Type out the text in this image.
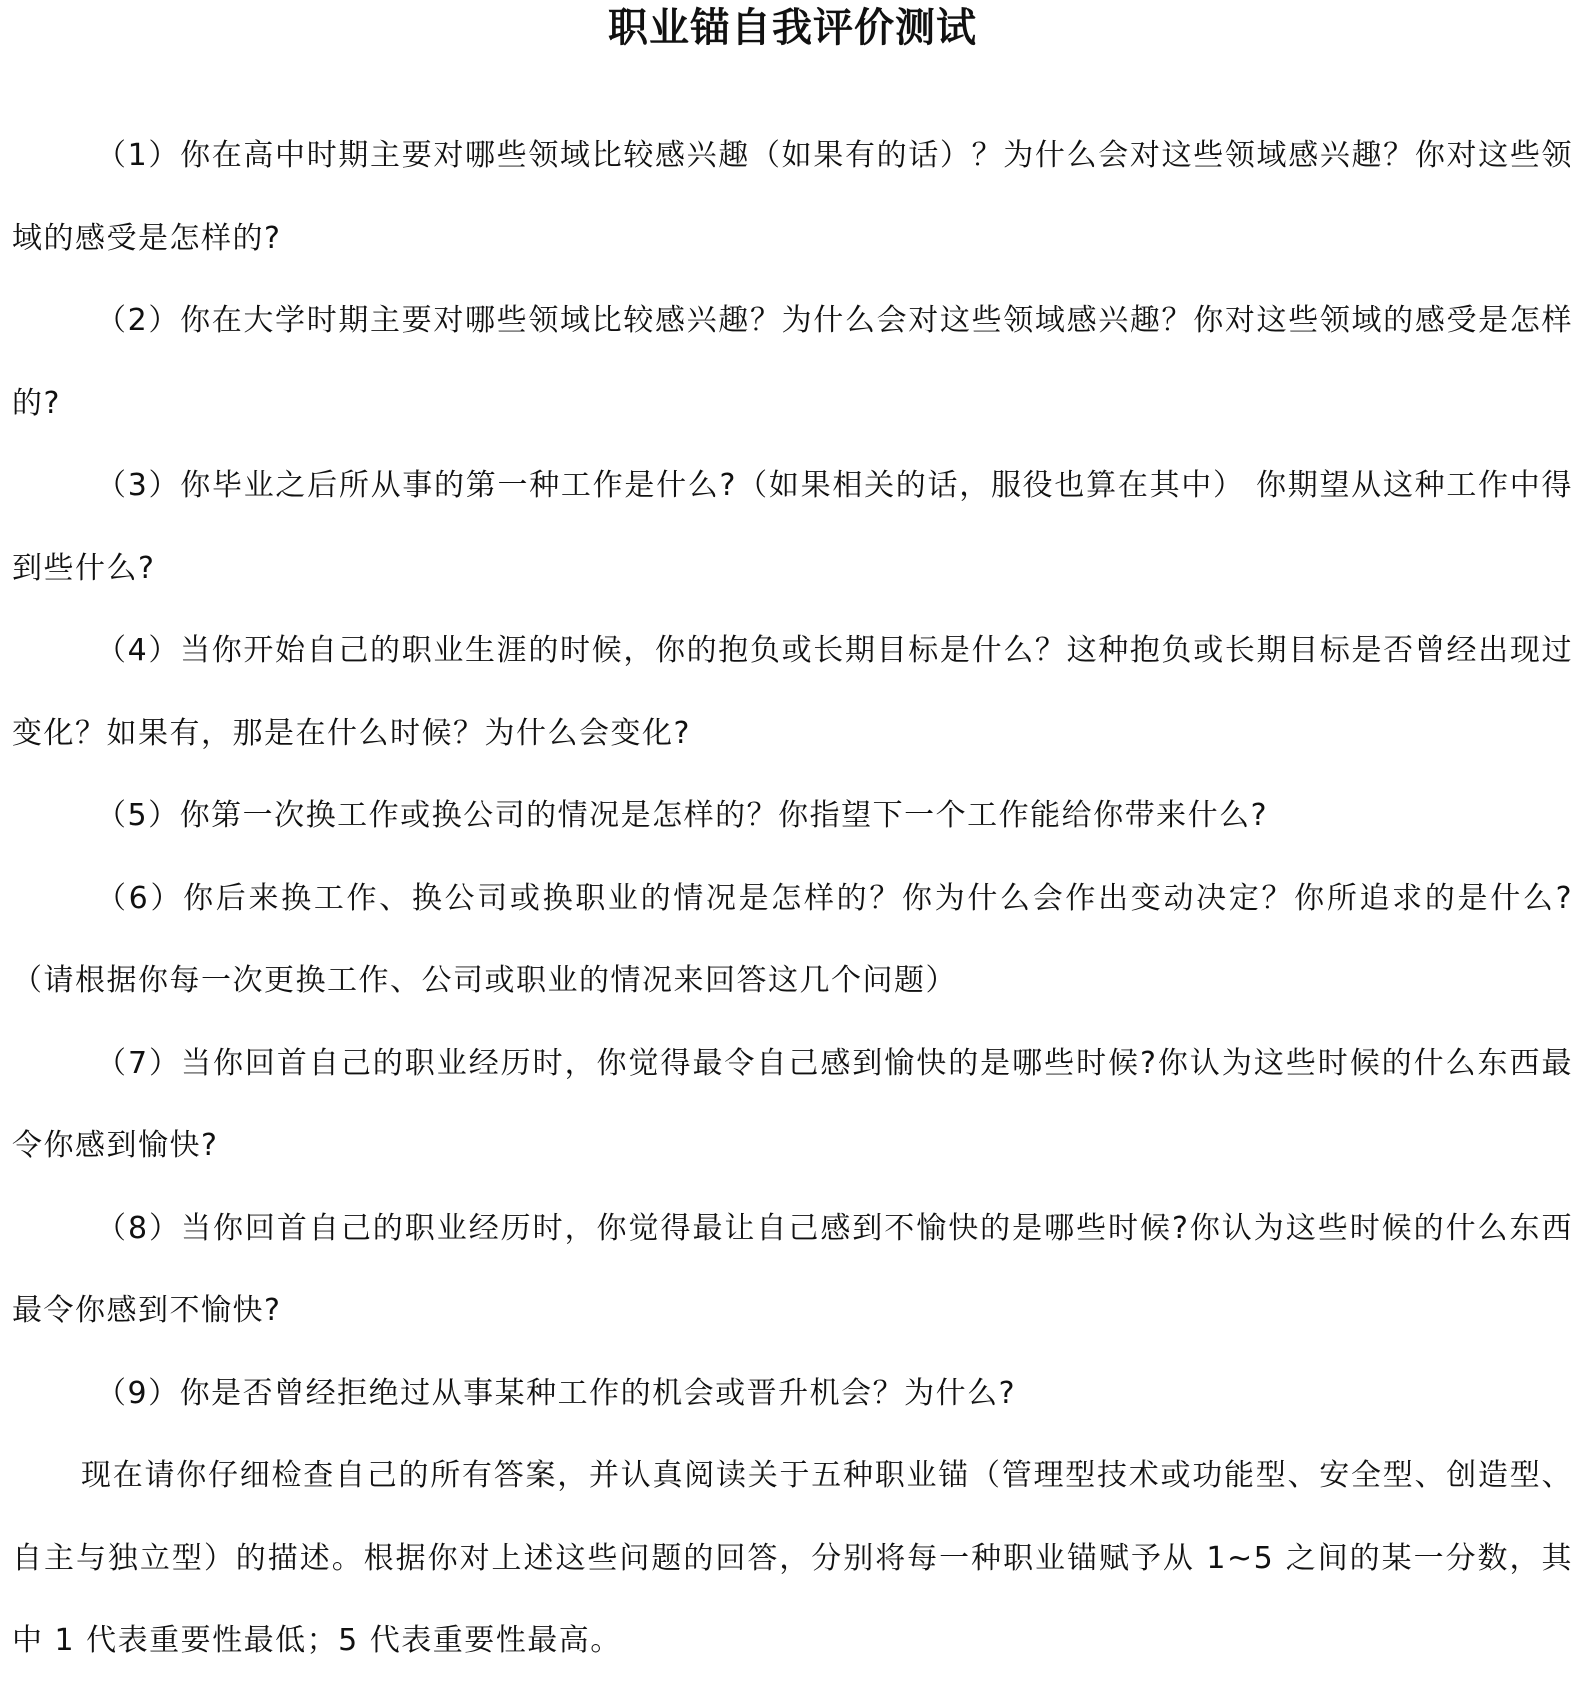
职业锚自我评价测试

（1）你在高中时期主要对哪些领域比较感兴趣（如果有的话）？为什么会对这些领域感兴趣？你对这些领域的感受是怎样的?

（2）你在大学时期主要对哪些领域比较感兴趣？为什么会对这些领域感兴趣？你对这些领域的感受是怎样的?

（3）你毕业之后所从事的第一种工作是什么?（如果相关的话，服役也算在其中） 你期望从这种工作中得到些什么?

（4）当你开始自己的职业生涯的时候，你的抱负或长期目标是什么？这种抱负或长期目标是否曾经出现过变化？如果有，那是在什么时候？为什么会变化?

（5）你第一次换工作或换公司的情况是怎样的？你指望下一个工作能给你带来什么?

（6）你后来换工作、换公司或换职业的情况是怎样的？你为什么会作出变动决定？你所追求的是什么?（请根据你每一次更换工作、公司或职业的情况来回答这几个问题）

（7）当你回首自己的职业经历时，你觉得最令自己感到愉快的是哪些时候?你认为这些时候的什么东西最令你感到愉快?

（8）当你回首自己的职业经历时，你觉得最让自己感到不愉快的是哪些时候?你认为这些时候的什么东西最令你感到不愉快?

（9）你是否曾经拒绝过从事某种工作的机会或晋升机会？为什么?

现在请你仔细检查自己的所有答案，并认真阅读关于五种职业锚（管理型技术或功能型、安全型、创造型、自主与独立型）的描述。根据你对上述这些问题的回答，分别将每一种职业锚赋予从 1~5 之间的某一分数，其中 1 代表重要性最低；5 代表重要性最高。
